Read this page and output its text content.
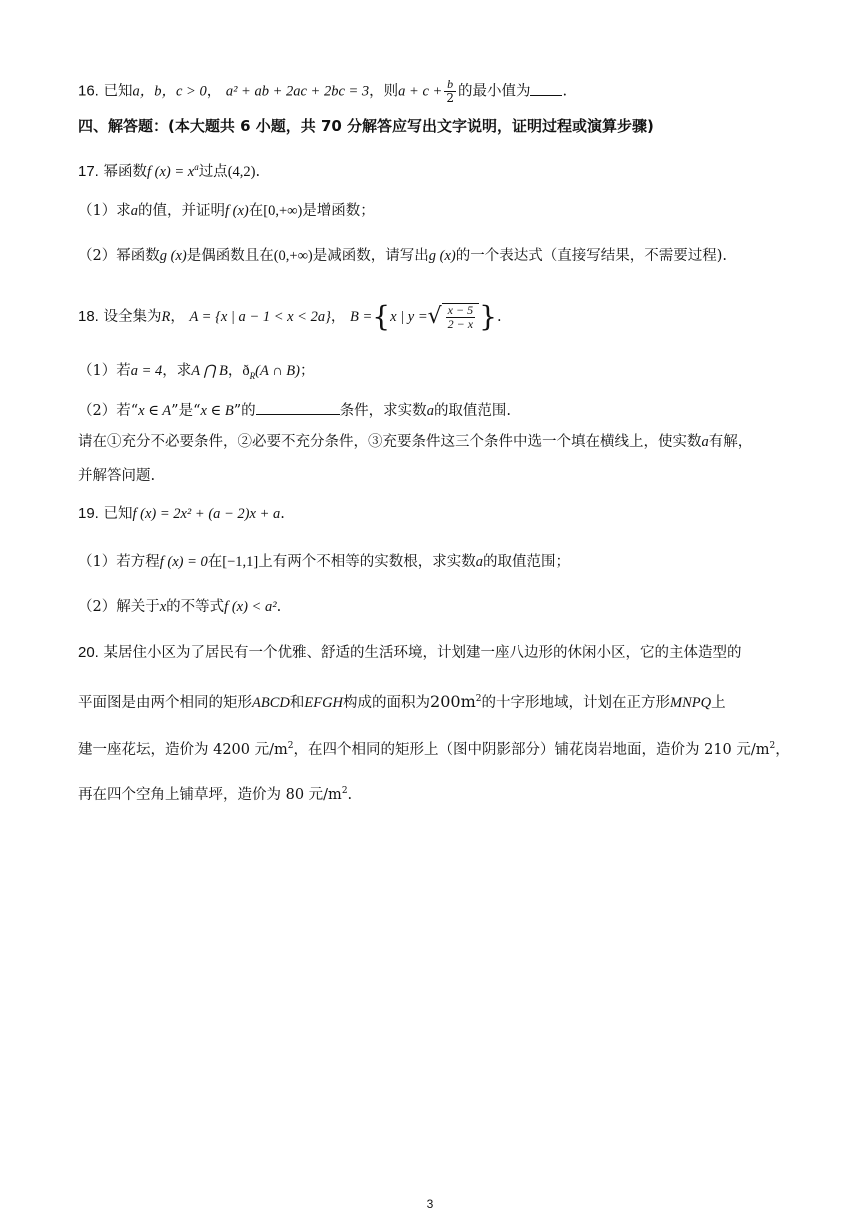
16. 已知a，b，c > 0， a² + ab + 2ac + 2bc = 3，则$a + c + \frac{b}{2}$ 的最小值为 .
四、解答题：(本大题共 6 小题，共 70 分解答应写出文字说明，证明过程或演算步骤)
17. 幂函数f $(x) = x^a$过点(4,2).
（1）求a的值，并证明f (x)在[0,+∞)是增函数；
（2）幂函数g (x)是偶函数且在(0,+∞)是减函数，请写出g (x)的一个表达式（直接写结果，不需要过程).
18. 设全集为R， A = {x | a − 1 < x < 2a}， B ={x | y =√ $\frac{x - 5}{2 - x}$ }.
（1）若a = 4，求A ⋂ B，$ð_R(A$ ∩ B)；
（2）若“x ∈ A”是“x ∈ B”的	条件，求实数a的取值范围.
请在①充分不必要条件，②必要不充分条件，③充要条件这三个条件中选一个填在横线上，使实数a有解，
并解答问题.
19. 已知f (x) = 2x² + (a − 2)x + a.
（1）若方程f (x) = 0在[−1,1]上有两个不相等的实数根，求实数a的取值范围；
（2）解关于x的不等式f (x) < a².
20. 某居住小区为了居民有一个优雅、舒适的生活环境，计划建一座八边形的休闲小区，它的主体造型的
平面图是由两个相同的矩形ABCD和EFGH构成的面积为$200m^2$的十字形地域，计划在正方形MNPQ上
建一座花坛，造价为 4200 元$/m^2$，在四个相同的矩形上（图中阴影部分）铺花岗岩地面，造价为 210 元$/m^2$，
再在四个空角上铺草坪，造价为 80 元$/m^2$.
3
